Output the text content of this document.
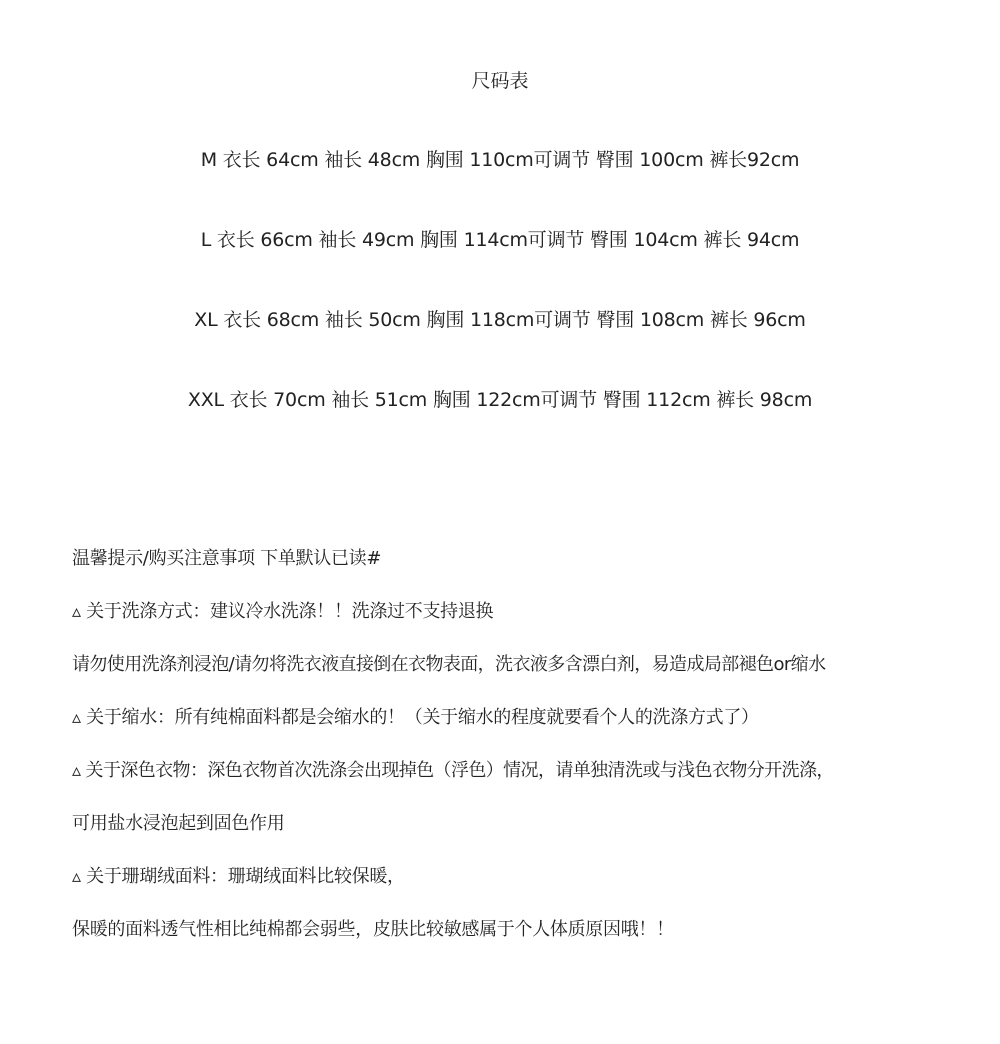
尺码表
M 衣长 64cm 袖长 48cm 胸围 110cm可调节 臀围 100cm 裤长92cm
L 衣长 66cm 袖长 49cm 胸围 114cm可调节 臀围 104cm 裤长 94cm
XL 衣长 68cm 袖长 50cm 胸围 118cm可调节 臀围 108cm 裤长 96cm
XXL 衣长 70cm 袖长 51cm 胸围 122cm可调节 臀围 112cm 裤长 98cm
温馨提示/购买注意事项 下单默认已读#
▵ 关于洗涤方式：建议冷水洗涤！！洗涤过不支持退换
请勿使用洗涤剂浸泡/请勿将洗衣液直接倒在衣物表面，洗衣液多含漂白剂，易造成局部褪色or缩水
▵ 关于缩水：所有纯棉面料都是会缩水的！（关于缩水的程度就要看个人的洗涤方式了）
▵ 关于深色衣物：深色衣物首次洗涤会出现掉色（浮色）情况，请单独清洗或与浅色衣物分开洗涤，
可用盐水浸泡起到固色作用
▵ 关于珊瑚绒面料：珊瑚绒面料比较保暖，
保暖的面料透气性相比纯棉都会弱些，皮肤比较敏感属于个人体质原因哦！！
